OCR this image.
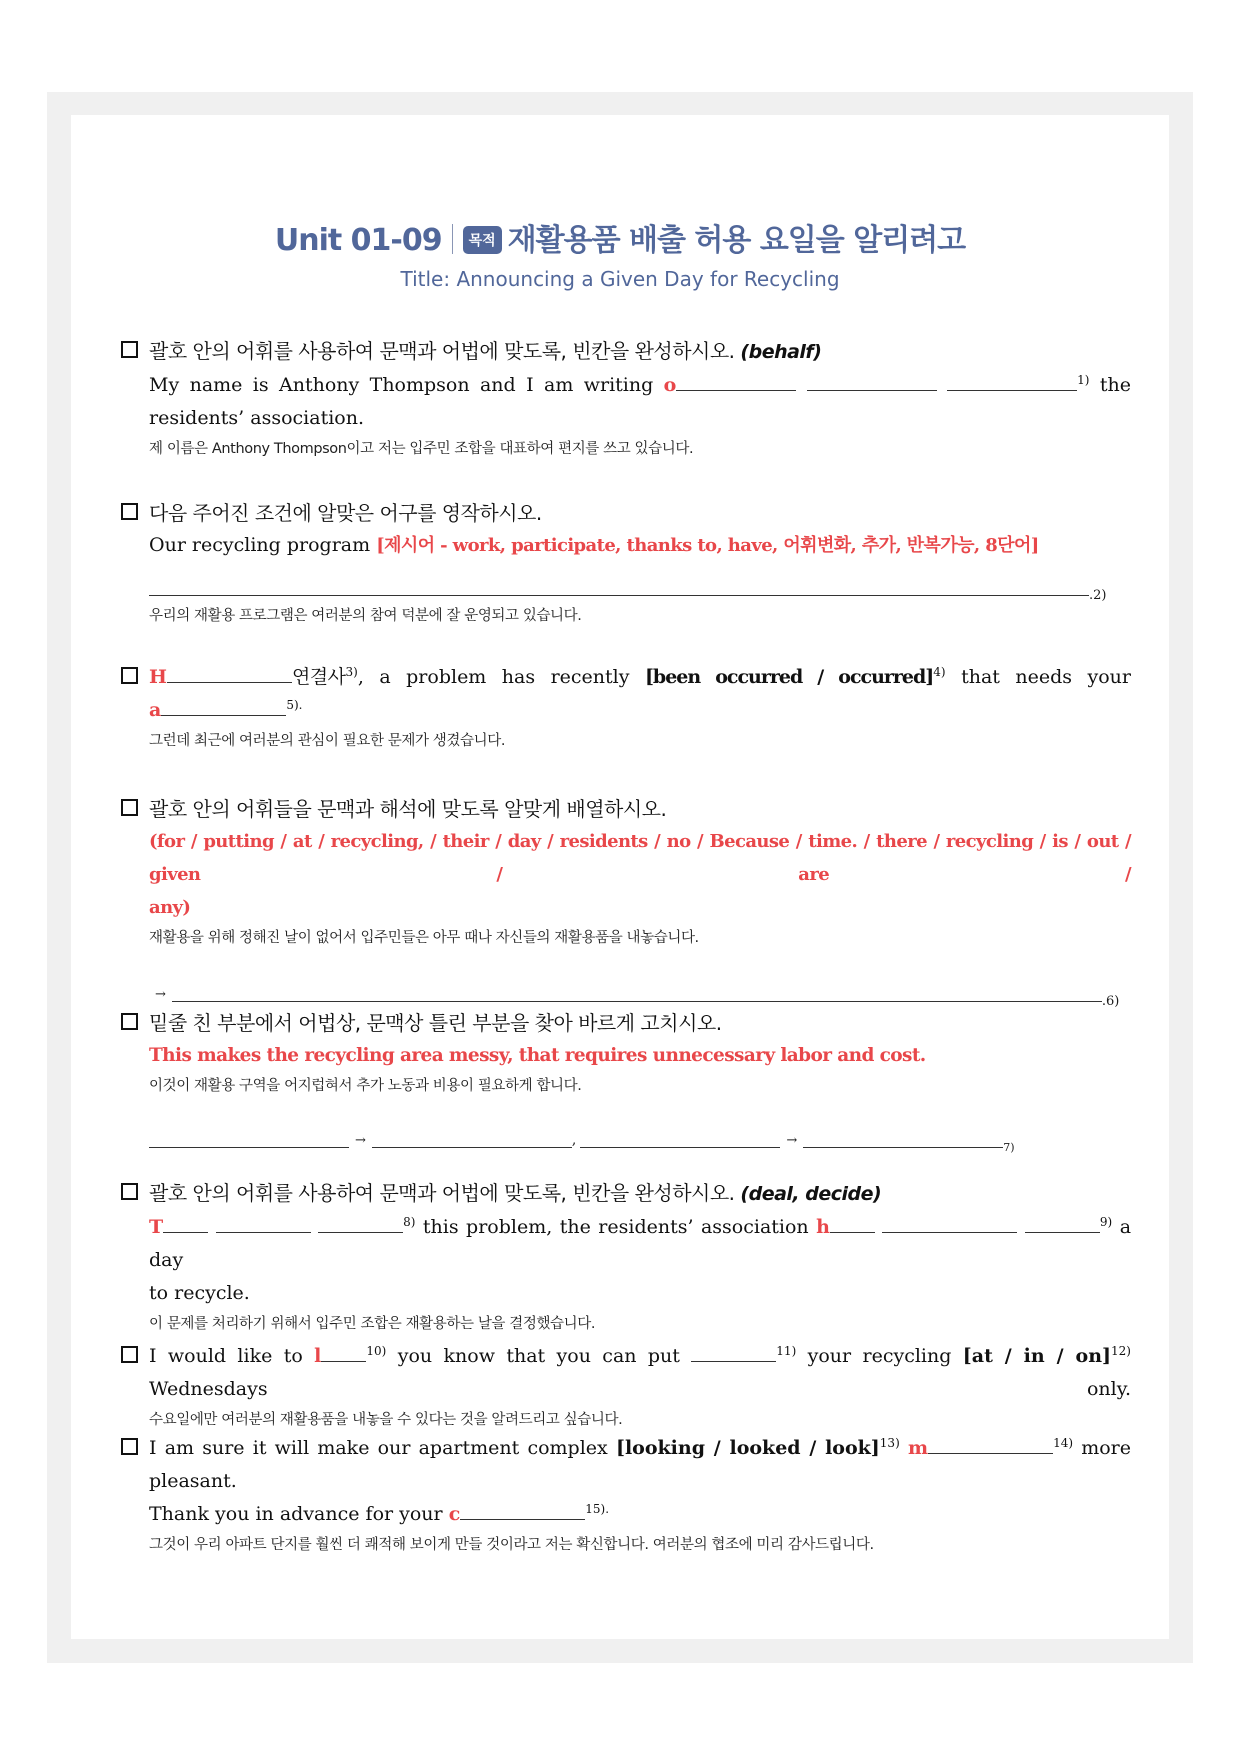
Unit 01-09 목적 재활용품 배출 허용 요일을 알리려고
Title: Announcing a Given Day for Recycling
괄호 안의 어휘를 사용하여 문맥과 어법에 맞도록, 빈칸을 완성하시오. (behalf)
My name is Anthony Thompson and I am writing o	$^{1)}$ the
residents’ association.
제 이름은 Anthony Thompson이고 저는 입주민 조합을 대표하여 편지를 쓰고 있습니다.
다음 주어진 조건에 알맞은 어구를 영작하시오.
Our recycling program [제시어 - work, participate, thanks to, have, 어휘변화, 추가, 반복가능, 8단어]
.2)
우리의 재활용 프로그램은 여러분의 참여 덕분에 잘 운영되고 있습니다.
H	연결사$^{3)}$, a problem has recently [been occurred / occurred]$^{4)}$ that needs your
a	$^{5).}$
그런데 최근에 여러분의 관심이 필요한 문제가 생겼습니다.
괄호 안의 어휘들을 문맥과 해석에 맞도록 알맞게 배열하시오.
(for / putting / at / recycling, / their / day / residents / no / Because / time. / there / recycling / is / out / given / are /
any)
재활용을 위해 정해진 날이 없어서 입주민들은 아무 때나 자신들의 재활용품을 내놓습니다.
→	.6)
밑줄 친 부분에서 어법상, 문맥상 틀린 부분을 찾아 바르게 고치시오.
This makes the recycling area messy, that requires unnecessary labor and cost.
이것이 재활용 구역을 어지럽혀서 추가 노동과 비용이 필요하게 합니다.
→	,	→	7)
괄호 안의 어휘를 사용하여 문맥과 어법에 맞도록, 빈칸을 완성하시오. (deal, decide)
T	$^{8)}$ this problem, the residents’ association h	$^{9)}$ a day
to recycle.
이 문제를 처리하기 위해서 입주민 조합은 재활용하는 날을 결정했습니다.
I would like to l	$^{10)}$ you know that you can put	$^{11)}$ your recycling [at / in / on]$^{12)}$ Wednesdays only.
수요일에만 여러분의 재활용품을 내놓을 수 있다는 것을 알려드리고 싶습니다.
I am sure it will make our apartment complex [looking / looked / look]$^{13)}$ m	$^{14)}$ more pleasant.
Thank you in advance for your c	$^{15).}$
그것이 우리 아파트 단지를 훨씬 더 쾌적해 보이게 만들 것이라고 저는 확신합니다. 여러분의 협조에 미리 감사드립니다.
